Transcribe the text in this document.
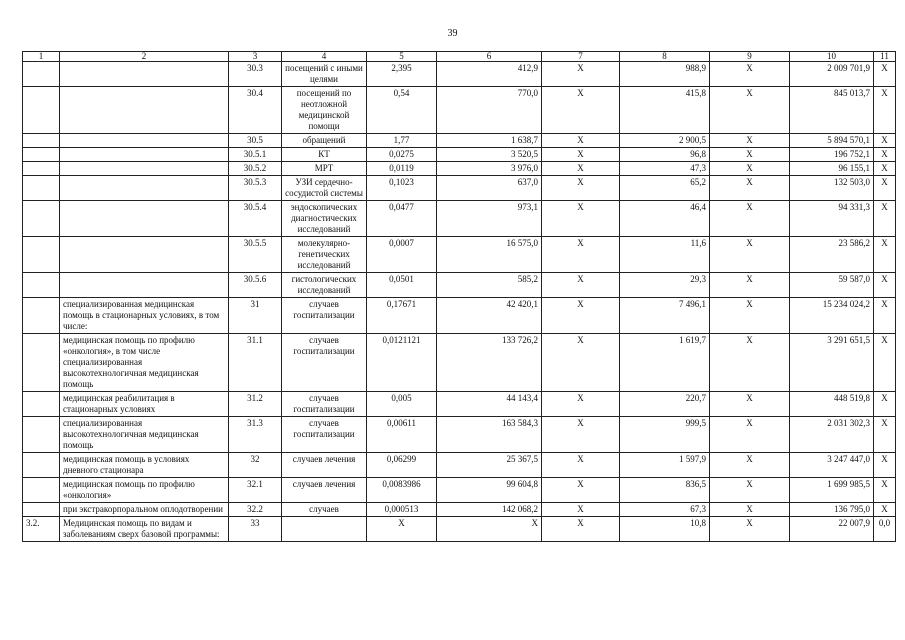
39
1	2	3	4	5	6	7	8	9	10	11
		30.3	посещений с иными целями	2,395	412,9	X	988,9	X	2 009 701,9	X
		30.4	посещений по неотложной медицинской помощи	0,54	770,0	X	415,8	X	845 013,7	X
		30.5	обращений	1,77	1 638,7	X	2 900,5	X	5 894 570,1	X
		30.5.1	КТ	0,0275	3 520,5	X	96,8	X	196 752,1	X
		30.5.2	МРТ	0,0119	3 976,0	X	47,3	X	96 155,1	X
		30.5.3	УЗИ сердечно-сосудистой системы	0,1023	637,0	X	65,2	X	132 503,0	X
		30.5.4	эндоскопических диагностических исследований	0,0477	973,1	X	46,4	X	94 331,3	X
		30.5.5	молекулярно-генетических исследований	0,0007	16 575,0	X	11,6	X	23 586,2	X
		30.5.6	гистологических исследований	0,0501	585,2	X	29,3	X	59 587,0	X
	специализированная медицинская помощь в стационарных условиях, в том числе:	31	случаев госпитализации	0,17671	42 420,1	X	7 496,1	X	15 234 024,2	X
	медицинская помощь по профилю «онкология», в том числе специализированная высокотехнологичная медицинская помощь	31.1	случаев госпитализации	0,0121121	133 726,2	X	1 619,7	X	3 291 651,5	X
	медицинская реабилитация в стационарных условиях	31.2	случаев госпитализации	0,005	44 143,4	X	220,7	X	448 519,8	X
	специализированная высокотехнологичная медицинская помощь	31.3	случаев госпитализации	0,00611	163 584,3	X	999,5	X	2 031 302,3	X
	медицинская помощь в условиях дневного стационара	32	случаев лечения	0,06299	25 367,5	X	1 597,9	X	3 247 447,0	X
	медицинская помощь по профилю «онкология»	32.1	случаев лечения	0,0083986	99 604,8	X	836,5	X	1 699 985,5	X
	при экстракорпоральном оплодотворении	32.2	случаев	0,000513	142 068,2	X	67,3	X	136 795,0	X
3.2.	Медицинская помощь по видам и заболеваниям сверх базовой программы:	33		X	X	X	10,8	X	22 007,9	0,0
